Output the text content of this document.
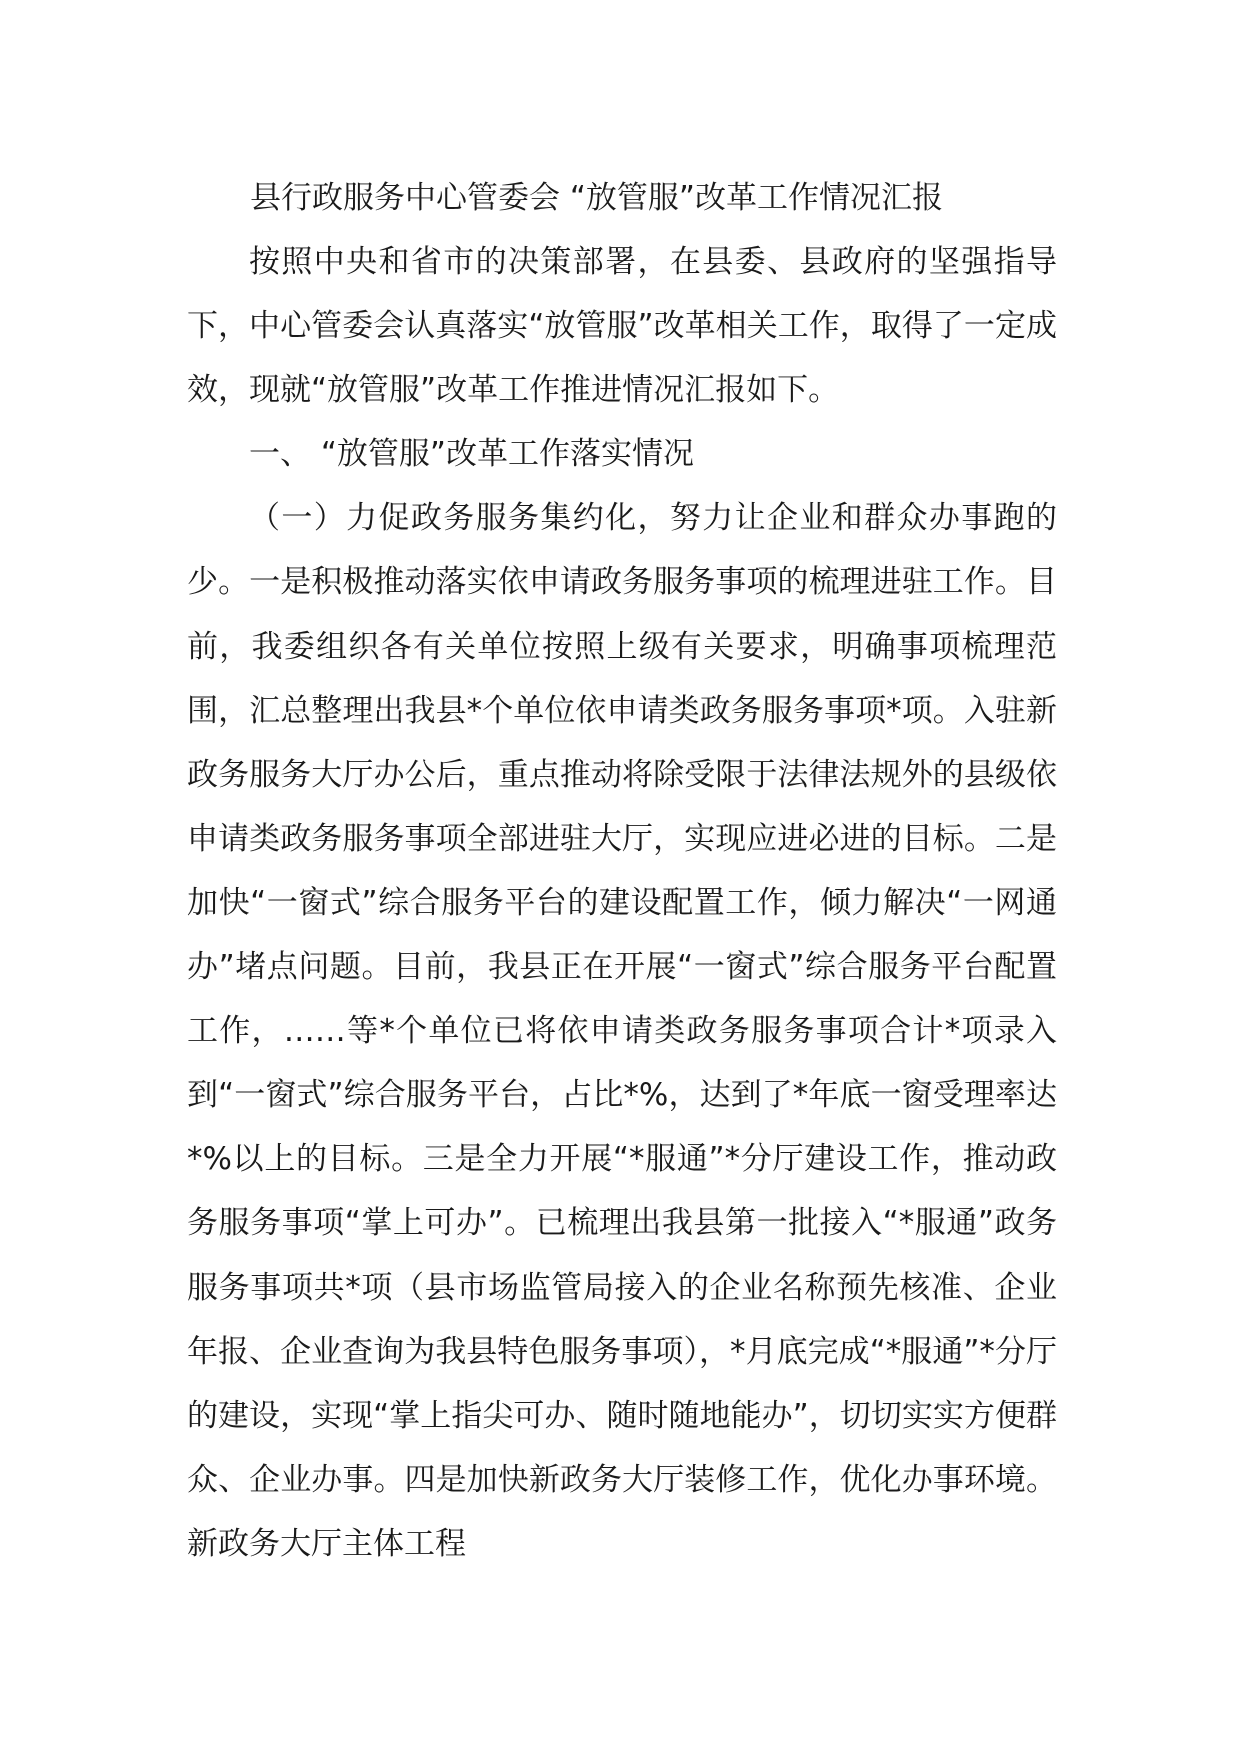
县行政服务中心管委会 “放管服”改革工作情况汇报

按照中央和省市的决策部署，在县委、县政府的坚强指导下，中心管委会认真落实“放管服”改革相关工作，取得了一定成效，现就“放管服”改革工作推进情况汇报如下。

一、 “放管服”改革工作落实情况

（一）力促政务服务集约化，努力让企业和群众办事跑的少。一是积极推动落实依申请政务服务事项的梳理进驻工作。目前，我委组织各有关单位按照上级有关要求，明确事项梳理范围，汇总整理出我县*个单位依申请类政务服务事项*项。入驻新政务服务大厅办公后，重点推动将除受限于法律法规外的县级依申请类政务服务事项全部进驻大厅，实现应进必进的目标。二是加快“一窗式”综合服务平台的建设配置工作，倾力解决“一网通办”堵点问题。目前，我县正在开展“一窗式”综合服务平台配置工作，……等*个单位已将依申请类政务服务事项合计*项录入到“一窗式”综合服务平台，占比*%，达到了*年底一窗受理率达*%以上的目标。三是全力开展“*服通”*分厅建设工作，推动政务服务事项“掌上可办”。已梳理出我县第一批接入“*服通”政务服务事项共*项（县市场监管局接入的企业名称预先核准、企业年报、企业查询为我县特色服务事项），*月底完成“*服通”*分厅的建设，实现“掌上指尖可办、随时随地能办”，切切实实方便群众、企业办事。四是加快新政务大厅装修工作，优化办事环境。新政务大厅主体工程
